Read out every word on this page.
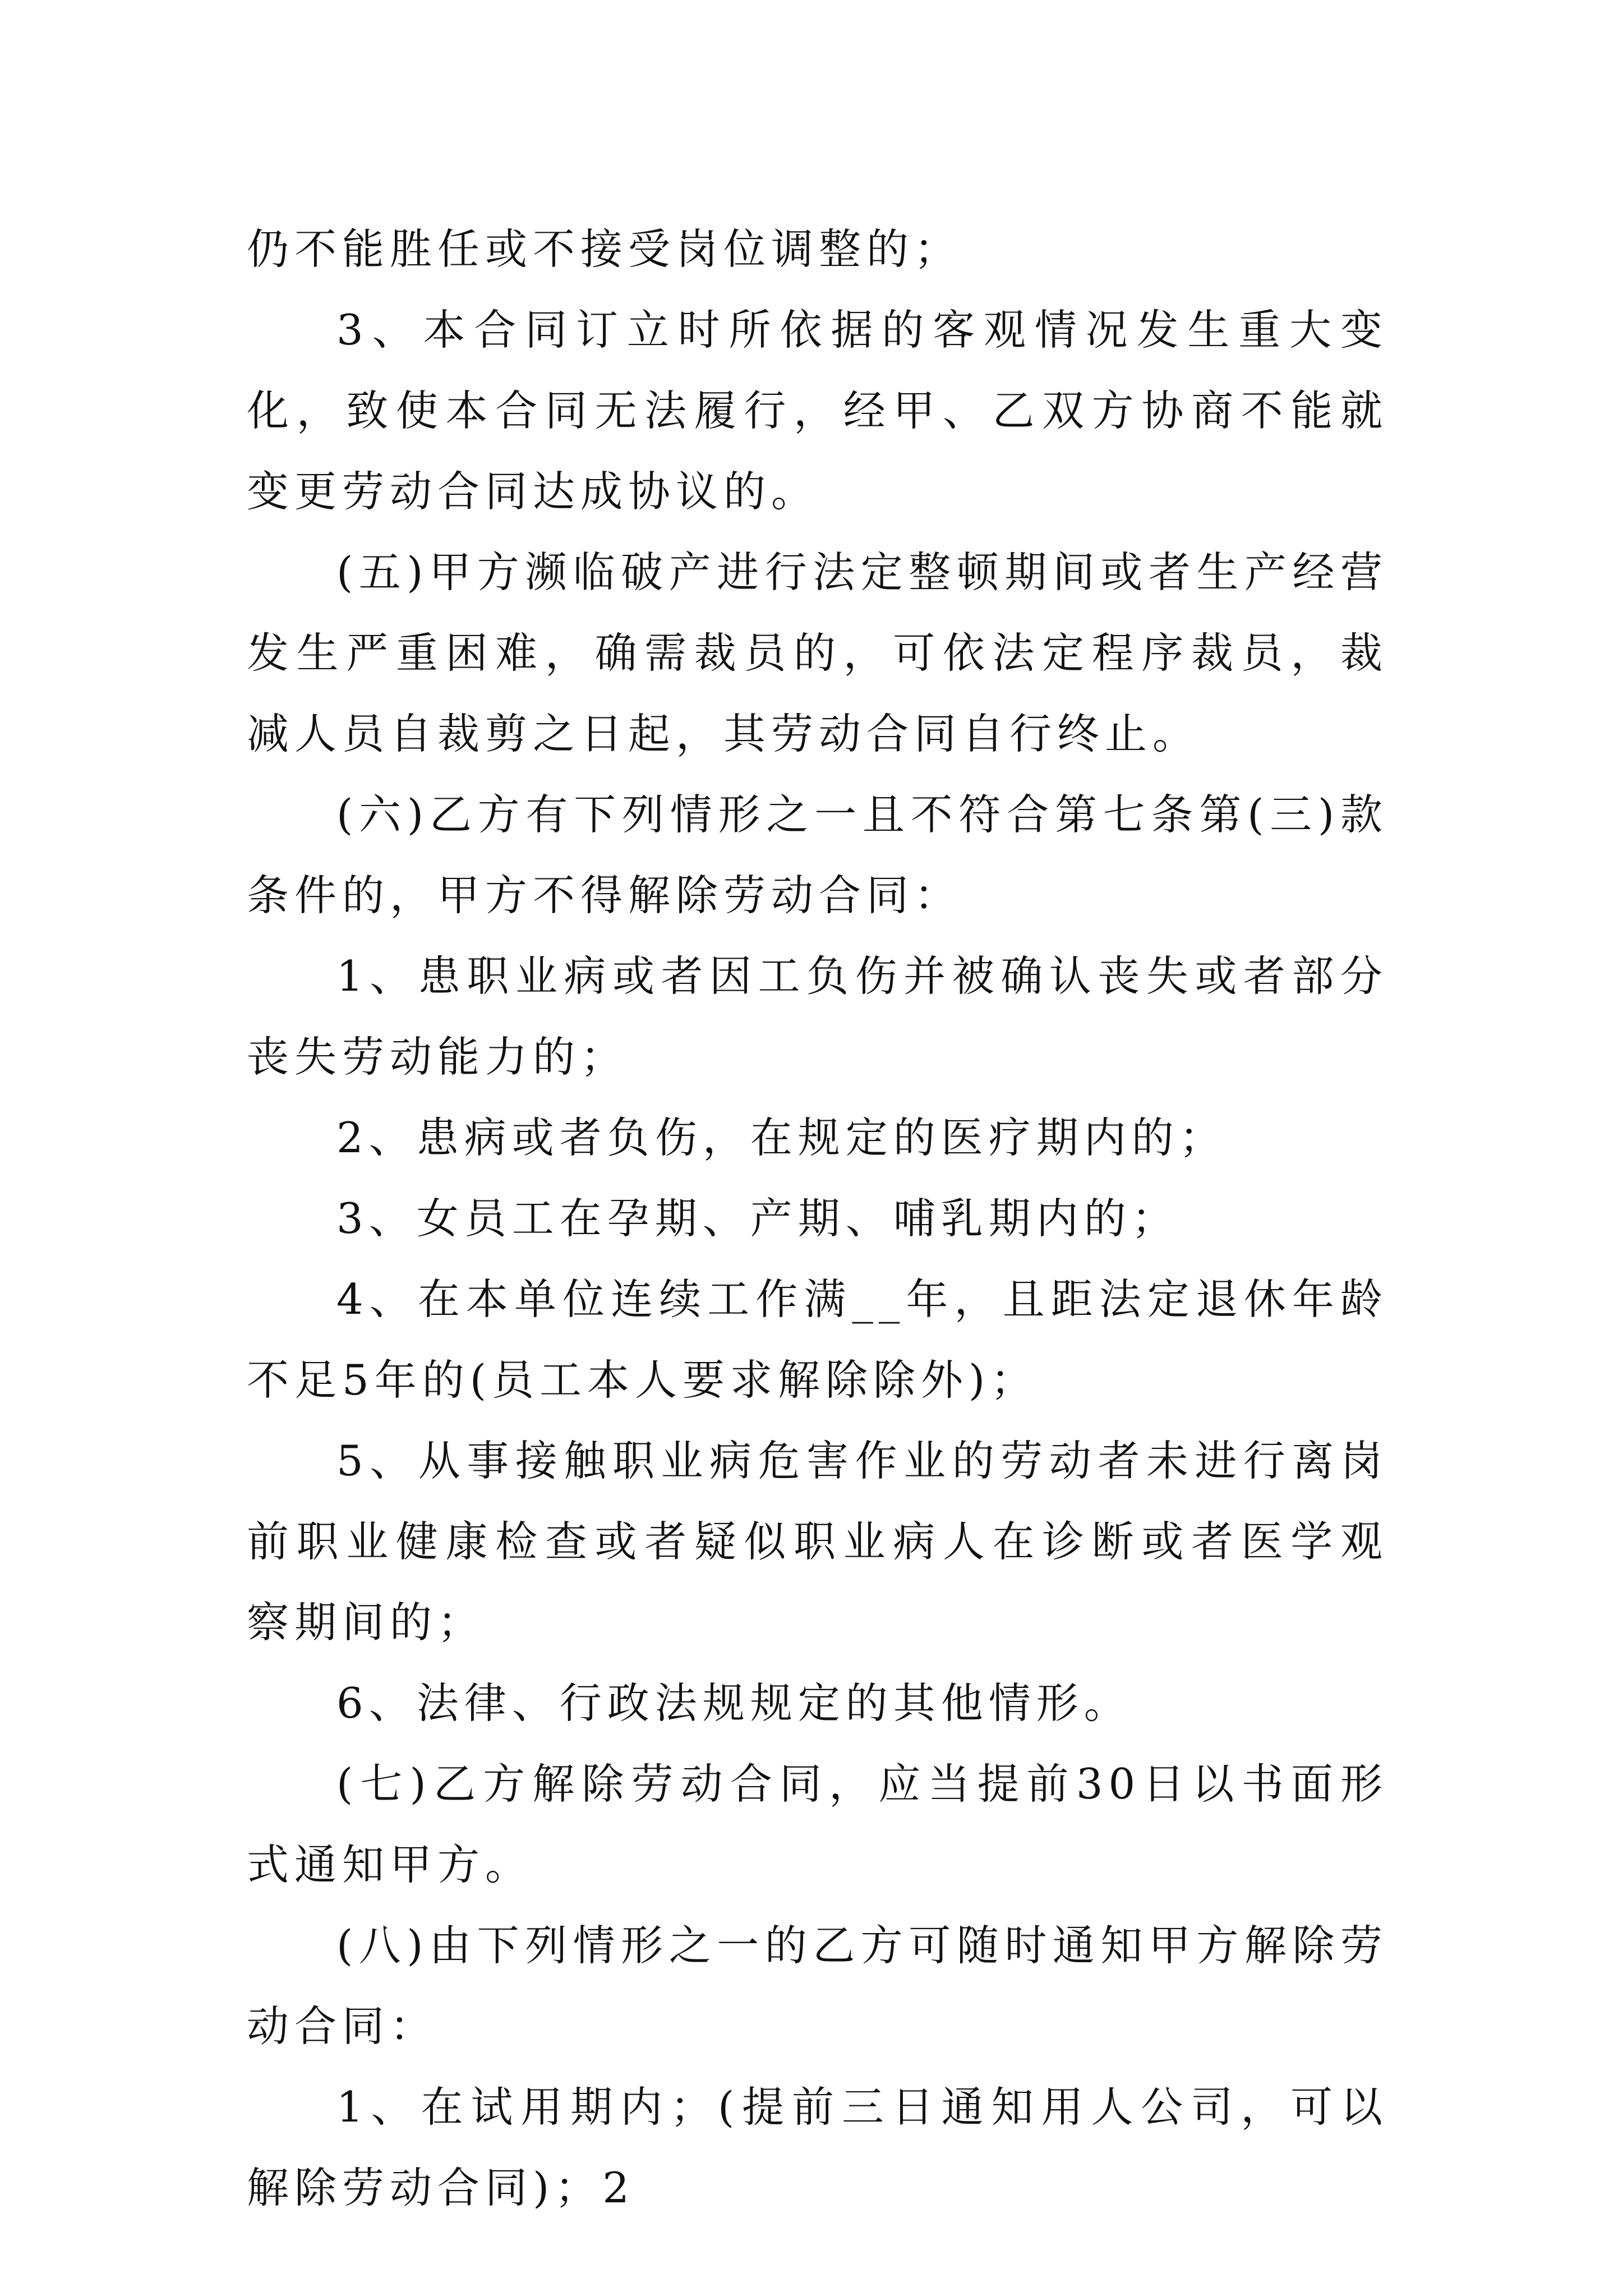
仍不能胜任或不接受岗位调整的；

3、本合同订立时所依据的客观情况发生重大变化，致使本合同无法履行，经甲、乙双方协商不能就变更劳动合同达成协议的。

(五)甲方濒临破产进行法定整顿期间或者生产经营发生严重困难，确需裁员的，可依法定程序裁员，裁减人员自裁剪之日起，其劳动合同自行终止。

(六)乙方有下列情形之一且不符合第七条第(三)款条件的，甲方不得解除劳动合同：

1、患职业病或者因工负伤并被确认丧失或者部分丧失劳动能力的；

2、患病或者负伤，在规定的医疗期内的；

3、女员工在孕期、产期、哺乳期内的；

4、在本单位连续工作满__年，且距法定退休年龄不足5年的(员工本人要求解除除外)；

5、从事接触职业病危害作业的劳动者未进行离岗前职业健康检查或者疑似职业病人在诊断或者医学观察期间的；

6、法律、行政法规规定的其他情形。

(七)乙方解除劳动合同，应当提前30日以书面形式通知甲方。

(八)由下列情形之一的乙方可随时通知甲方解除劳动合同：

1、在试用期内；(提前三日通知用人公司，可以解除劳动合同)；2
